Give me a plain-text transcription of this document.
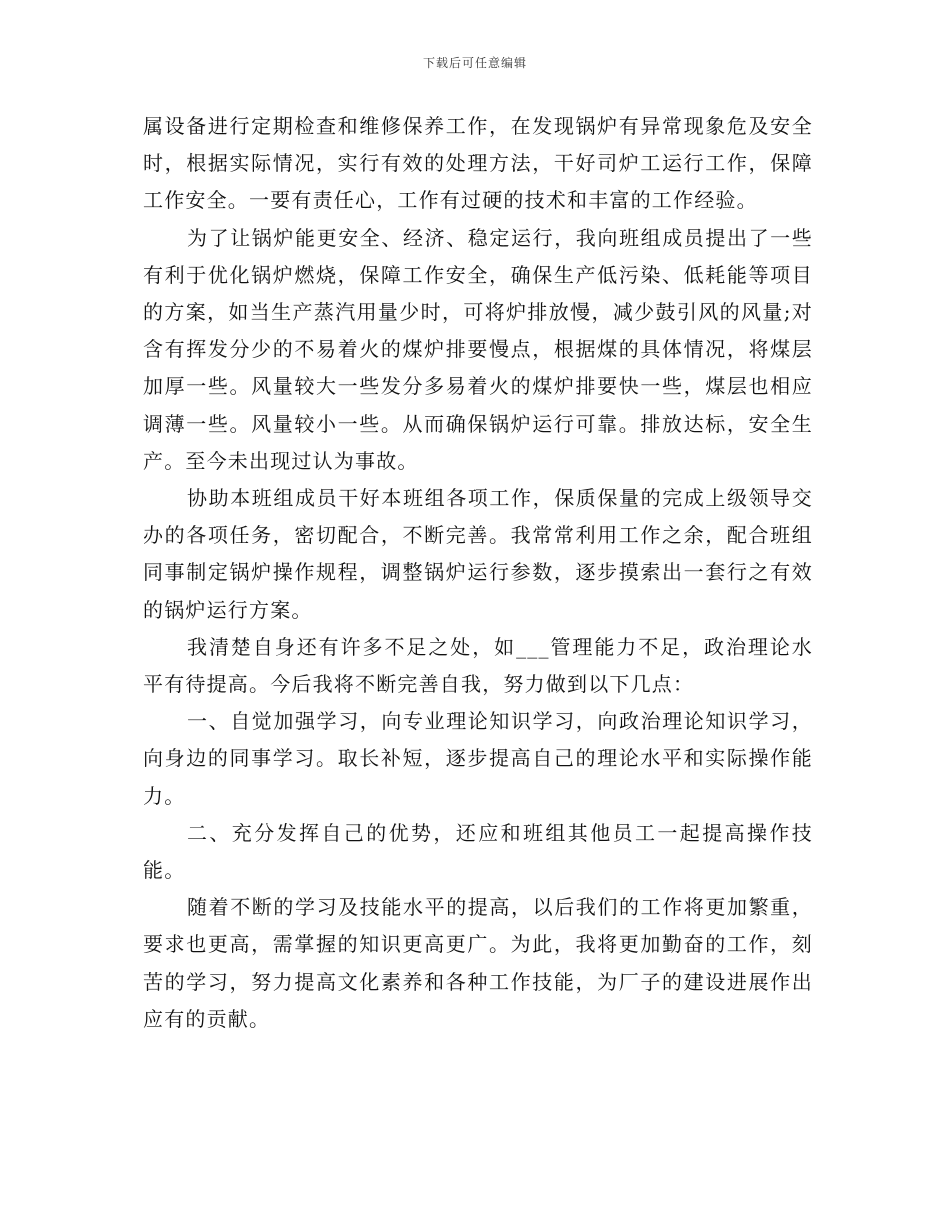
下载后可任意编辑

属设备进行定期检查和维修保养工作，在发现锅炉有异常现象危及安全时，根据实际情况，实行有效的处理方法，干好司炉工运行工作，保障工作安全。一要有责任心，工作有过硬的技术和丰富的工作经验。

为了让锅炉能更安全、经济、稳定运行，我向班组成员提出了一些有利于优化锅炉燃烧，保障工作安全，确保生产低污染、低耗能等项目的方案，如当生产蒸汽用量少时，可将炉排放慢，减少鼓引风的风量;对含有挥发分少的不易着火的煤炉排要慢点，根据煤的具体情况，将煤层加厚一些。风量较大一些发分多易着火的煤炉排要快一些，煤层也相应调薄一些。风量较小一些。从而确保锅炉运行可靠。排放达标，安全生产。至今未出现过认为事故。

协助本班组成员干好本班组各项工作，保质保量的完成上级领导交办的各项任务，密切配合，不断完善。我常常利用工作之余，配合班组同事制定锅炉操作规程，调整锅炉运行参数，逐步摸索出一套行之有效的锅炉运行方案。

我清楚自身还有许多不足之处，如___管理能力不足，政治理论水平有待提高。今后我将不断完善自我，努力做到以下几点：

一、自觉加强学习，向专业理论知识学习，向政治理论知识学习，向身边的同事学习。取长补短，逐步提高自己的理论水平和实际操作能力。

二、充分发挥自己的优势，还应和班组其他员工一起提高操作技能。

随着不断的学习及技能水平的提高，以后我们的工作将更加繁重，要求也更高，需掌握的知识更高更广。为此，我将更加勤奋的工作，刻苦的学习，努力提高文化素养和各种工作技能，为厂子的建设进展作出应有的贡献。
